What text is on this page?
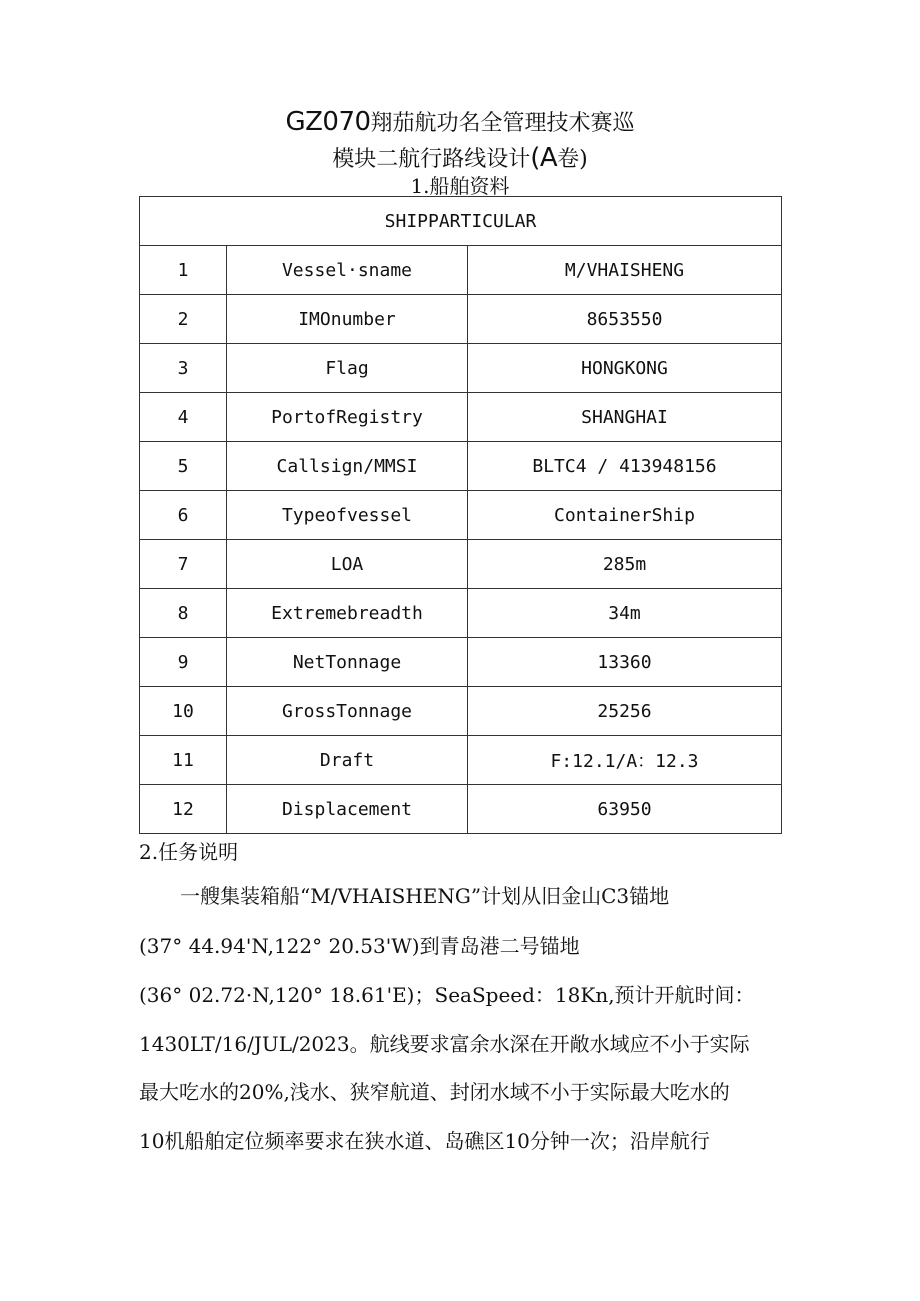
GZ070翔茄航功名全管理技术赛巡
模块二航行路线设计(A卷)
1.船舶资料
SHIPPARTICULAR		
1	Vessel·sname	M/VHAISHENG
2	IMOnumber	8653550
3	Flag	HONGKONG
4	PortofRegistry	SHANGHAI
5	Callsign/MMSI	BLTC4 / 413948156
6	Typeofvessel	ContainerShip
7	LOA	285m
8	Extremebreadth	34m
9	NetTonnage	13360
10	GrossTonnage	25256
11	Draft	F:12.1/A：12.3
12	Displacement	63950
2.任务说明
一艘集装箱船“M/VHAISHENG”计划从旧金山C3锚地
(37° 44.94'N,122° 20.53'W)到青岛港二号锚地
(36° 02.72·N,120° 18.61'E)；SeaSpeed：18Kn,预计开航时间：
1430LT/16/JUL/2023。航线要求富余水深在开敞水域应不小于实际
最大吃水的20%,浅水、狭窄航道、封闭水域不小于实际最大吃水的
10机船舶定位频率要求在狭水道、岛礁区10分钟一次；沿岸航行
